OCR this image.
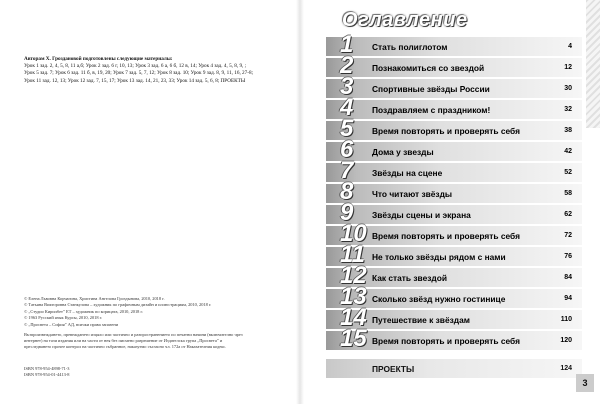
Авторам Х. Гроздановой подготовлены следующие материалы:
Урок 1 зад. 2, 4, 5, 8, 11 а,б; Урок 2 зад. 6 г, 10, 13; Урок 3 зад. 6 а, 6 б, 12 в, 14; Урок 4 зад. 4, 5, 8, 9, ;
Урок 5 зад. 7; Урок 6 зад. 11 б, в, 19, 20; Урок 7 зад. 5, 7, 12; Урок 8 зад. 10; Урок 9 зад. 8, 9, 11, 16, 27-8;
Урок 11 зад. 12, 13; Урок 12 зад. 7, 15, 17; Урок 13 зад. 14, 21, 23, 33; Урок 14 зад. 5, 6, 8; ПРОЕКТЫ
© Елена Львовна Корчагина, Христина Ангелова Гроздынова, 2010, 2018 г.
© Татьяна Викторовна Станкулова – художник по графичным дизайн и иллюстрациям, 2010, 2018 г.
© „Студио Кирилбет” ЕТ – художник по корицата, 2010, 2018 г.
© 1963 Русский язык Курсы, 2010, 2018 г.
© „Просвета – София” АД, всички права запазени
Възпроизвеждането, превеждането изцяло или частично и разпространението по печатни начини (включително чрез интернет) на тази издания или на части от нея без писмено разрешение от Издателска група „Просвета” и преследването прочее контрол на частично събранное, наказуемо съгласно чл. 172а от Наказателния кодекс.
ISBN 978-954-4898-71-3
ISBN 978-954-01-4413-8
Оглавление
1 Стать полиглотом	4
2 Познакомиться со звездой	12
3 Спортивные звёзды России	30
4 Поздравляем с праздником!	32
5 Время повторять и проверять себя	38
6 Дома у звезды	42
7 Звёзды на сцене	52
8 Что читают звёзды	58
9 Звёзды сцены и экрана	62
10 Время повторять и проверять себя	72
11 Не только звёзды рядом с нами	76
12 Как стать звездой	84
13 Сколько звёзд нужно гостинице	94
14 Путешествие к звёздам	110
15 Время повторять и проверять себя	120
ПРОЕКТЫ	124
3
